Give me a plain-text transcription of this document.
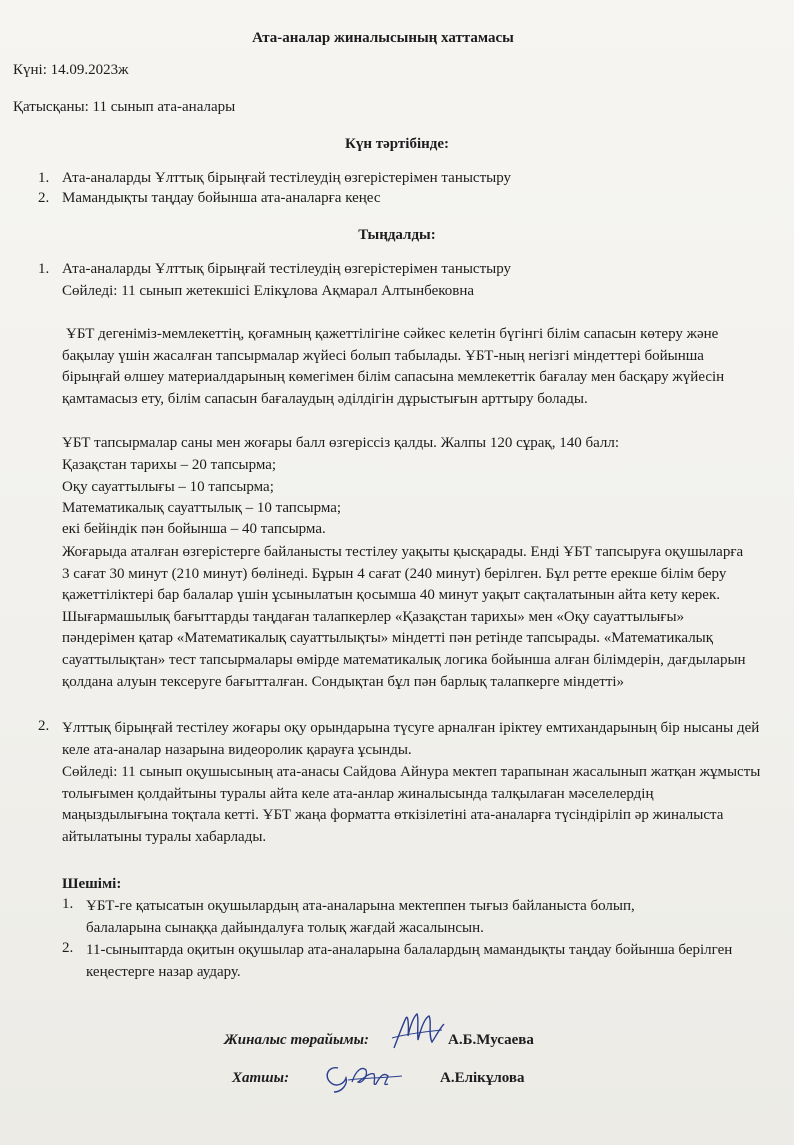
Ата-аналар жиналысының хаттамасы
Күні: 14.09.2023ж
Қатысқаны: 11 сынып ата-аналары
Күн тәртібінде:
1. Ата-аналарды Ұлттық бірыңғай тестілеудің өзгерістерімен таныстыру
2. Мамандықты таңдау бойынша ата-аналарға кеңес
Тыңдалды:
1. Ата-аналарды Ұлттық бірыңғай тестілеудің өзгерістерімен таныстыру
Сөйледі: 11 сынып жетекшісі Елікұлова Ақмарал Алтынбековна
ҰБТ дегеніміз-мемлекеттің, қоғамның қажеттілігіне сәйкес келетін бүгінгі білім сапасын көтеру және бақылау үшін жасалған тапсырмалар жүйесі болып табылады. ҰБТ-ның негізгі міндеттері бойынша бірыңғай өлшеу материалдарының көмегімен білім сапасына мемлекеттік бағалау мен басқару жүйесін қамтамасыз ету, білім сапасын бағалаудың әділдігін дұрыстығын арттыру болады.
ҰБТ тапсырмалар саны мен жоғары балл өзгеріссіз қалды. Жалпы 120 сұрақ, 140 балл:
Қазақстан тарихы – 20 тапсырма;
Оқу сауаттылығы – 10 тапсырма;
Математикалық сауаттылық – 10 тапсырма;
екі бейіндік пән бойынша – 40 тапсырма.
Жоғарыда аталған өзгерістерге байланысты тестілеу уақыты қысқарады. Енді ҰБТ тапсыруға оқушыларға 3 сағат 30 минут (210 минут) бөлінеді. Бұрын 4 сағат (240 минут) берілген. Бұл ретте ерекше білім беру қажеттіліктері бар балалар үшін ұсынылатын қосымша 40 минут уақыт сақталатынын айта кету керек. Шығармашылық бағыттарды таңдаған талапкерлер «Қазақстан тарихы» мен «Оқу сауаттылығы» пәндерімен қатар «Математикалық сауаттылықты» міндетті пән ретінде тапсырады. «Математикалық сауаттылықтан» тест тапсырмалары өмірде математикалық логика бойынша алған білімдерін, дағдыларын қолдана алуын тексеруге бағытталған. Сондықтан бұл пән барлық талапкерге міндетті»
2. Ұлттық бірыңғай тестілеу жоғары оқу орындарына түсуге арналған іріктеу емтихандарының бір нысаны дей келе ата-аналар назарына видеоролик қарауға ұсынды.
Сөйледі: 11 сынып оқушысының ата-анасы Сайдова Айнура мектеп тарапынан жасалынып жатқан жұмысты толығымен қолдайтыны туралы айта келе ата-анлар жиналысында талқылаған мәселелердің маңыздылығына тоқтала кетті. ҰБТ жаңа форматта өткізілетіні ата-аналарға түсіндіріліп әр жиналыста айтылатыны туралы хабарлады.
Шешімі:
1. ҰБТ-ге қатысатын оқушылардың ата-аналарына мектеппен тығыз байланыста болып, балаларына сынаққа дайындалуға толық жағдай жасалынсын.
2. 11-сыныптарда оқитын оқушылар ата-аналарына балалардың мамандықты таңдау бойынша берілген кеңестерге назар аудару.
Жиналыс төрайымы:	А.Б.Мусаева
Хатшы:	А.Елікұлова
